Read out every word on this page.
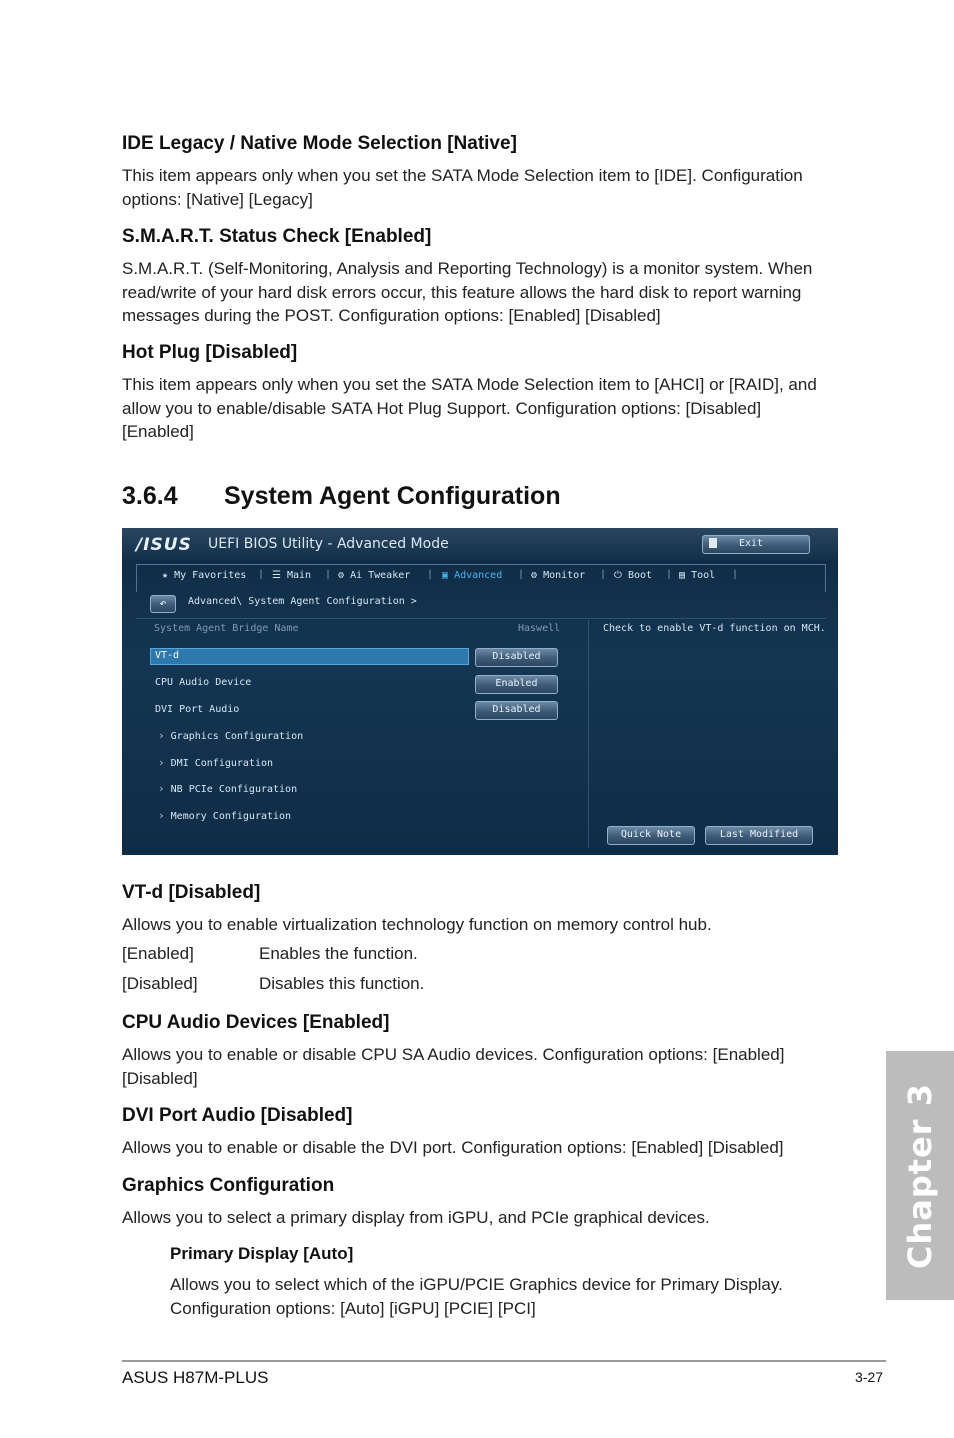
IDE Legacy / Native Mode Selection [Native]
This item appears only when you set the SATA Mode Selection item to [IDE]. Configuration options: [Native] [Legacy]
S.M.A.R.T. Status Check [Enabled]
S.M.A.R.T. (Self-Monitoring, Analysis and Reporting Technology) is a monitor system. When read/write of your hard disk errors occur, this feature allows the hard disk to report warning messages during the POST. Configuration options: [Enabled] [Disabled]
Hot Plug [Disabled]
This item appears only when you set the SATA Mode Selection item to [AHCI] or [RAID], and allow you to enable/disable SATA Hot Plug Support. Configuration options: [Disabled] [Enabled]
3.6.4 System Agent Configuration
/ISUS UEFI BIOS Utility - Advanced Mode	Exit
★ My Favorites | ☰ Main | ⚙ Ai Tweaker | ▣ Advanced | ⚙ Monitor | ⏻ Boot | ▤ Tool |
↶	Advanced\ System Agent Configuration >
System Agent Bridge Name	Haswell
VT-d	Disabled
CPU Audio Device	Enabled
DVI Port Audio	Disabled
› Graphics Configuration
› DMI Configuration
› NB PCIe Configuration
› Memory Configuration
Check to enable VT-d function on MCH.
Quick Note	Last Modified
VT-d [Disabled]
Allows you to enable virtualization technology function on memory control hub.
[Enabled]	Enables the function.
[Disabled]	Disables this function.
CPU Audio Devices [Enabled]
Allows you to enable or disable CPU SA Audio devices. Configuration options: [Enabled] [Disabled]
DVI Port Audio [Disabled]
Allows you to enable or disable the DVI port. Configuration options: [Enabled] [Disabled]
Graphics Configuration
Allows you to select a primary display from iGPU, and PCIe graphical devices.
Primary Display [Auto]
Allows you to select which of the iGPU/PCIE Graphics device for Primary Display. Configuration options: [Auto] [iGPU] [PCIE] [PCI]
Chapter 3
ASUS H87M-PLUS	3-27
